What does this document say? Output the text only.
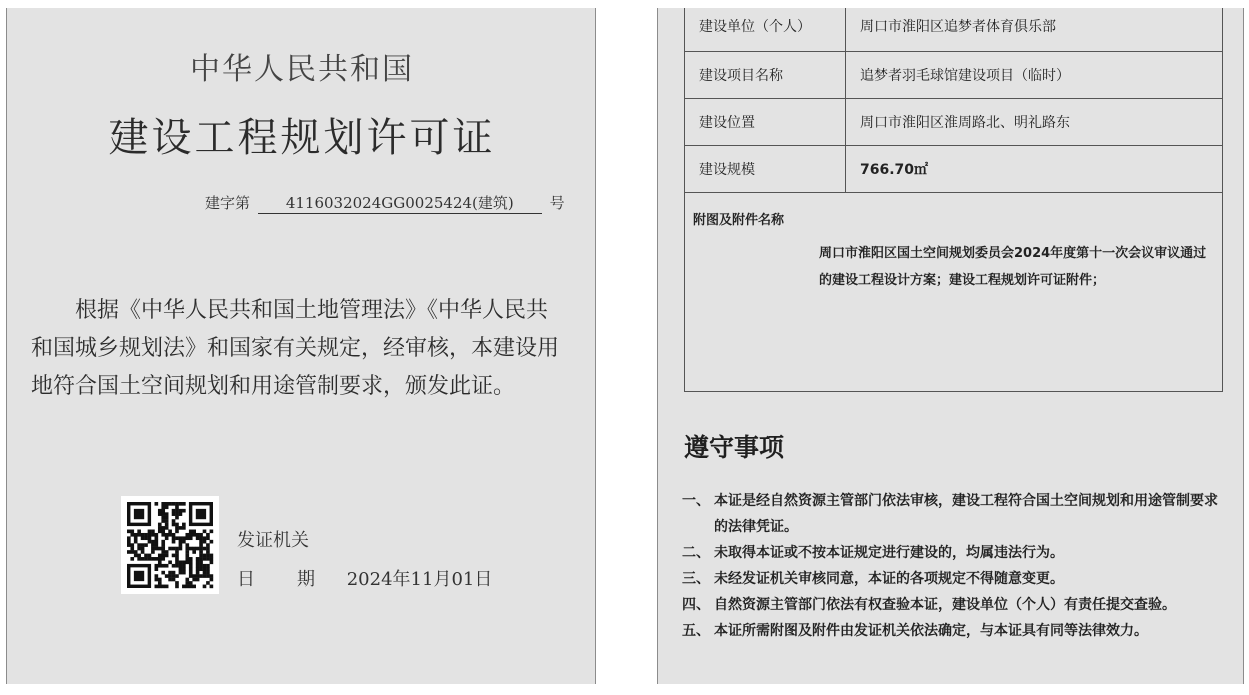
中华人民共和国
建设工程规划许可证
建字第 4116032024GG0025424(建筑) 号
根据《中华人民共和国土地管理法》《中华人民共和国城乡规划法》和国家有关规定，经审核，本建设用地符合国土空间规划和用途管制要求，颁发此证。
发证机关
日 期 2024年11月01日
建设单位（个人）	周口市淮阳区追梦者体育俱乐部
建设项目名称	追梦者羽毛球馆建设项目（临时）
建设位置	周口市淮阳区淮周路北、明礼路东
建设规模	766.70㎡

附图及附件名称
周口市淮阳区国土空间规划委员会2024年度第十一次会议审议通过的建设工程设计方案；建设工程规划许可证附件；	
遵守事项
一、 本证是经自然资源主管部门依法审核，建设工程符合国土空间规划和用途管制要求的法律凭证。
二、 未取得本证或不按本证规定进行建设的，均属违法行为。
三、 未经发证机关审核同意，本证的各项规定不得随意变更。
四、 自然资源主管部门依法有权查验本证，建设单位（个人）有责任提交查验。
五、 本证所需附图及附件由发证机关依法确定，与本证具有同等法律效力。
